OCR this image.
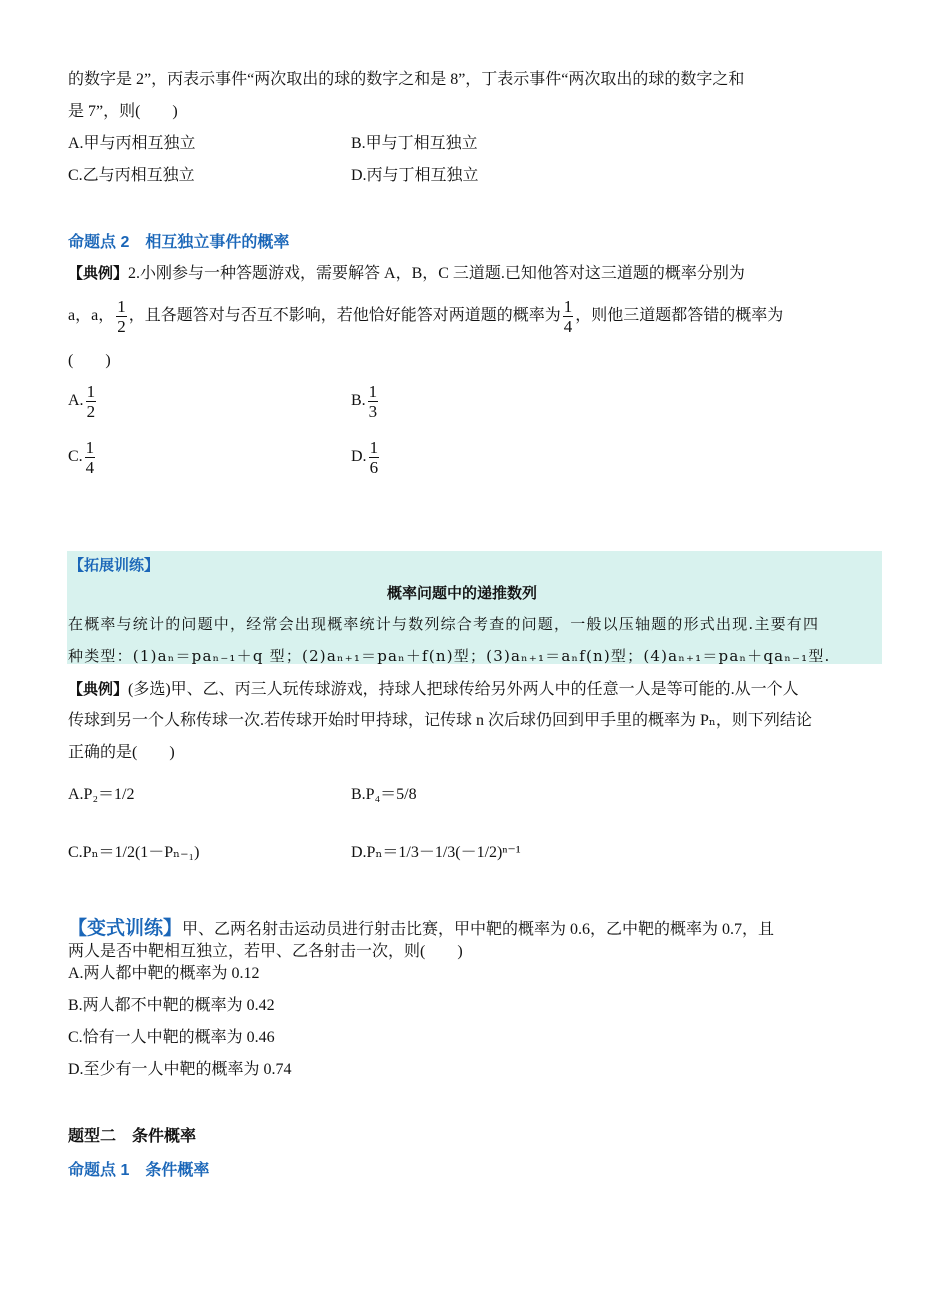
的数字是 2”，丙表示事件“两次取出的球的数字之和是 8”，丁表示事件“两次取出的球的数字之和
是 7”，则(　　)
A.甲与丙相互独立	B.甲与丁相互独立
C.乙与丙相互独立	D.丙与丁相互独立
命题点 2　相互独立事件的概率
【典例】2.小刚参与一种答题游戏，需要解答 A，B，C 三道题.已知他答对这三道题的概率分别为
a，a， $\frac{1}{2}$ ，且各题答对与否互不影响，若他恰好能答对两道题的概率为 $\frac{1}{4}$ ，则他三道题都答错的概率为
(　　)
A. $\frac{1}{2}$	B. $\frac{1}{3}$
C. $\frac{1}{4}$	D. $\frac{1}{6}$
【拓展训练】
概率问题中的递推数列
在概率与统计的问题中，经常会出现概率统计与数列综合考查的问题，一般以压轴题的形式出现.主要有四
种类型：(1)aₙ＝paₙ₋₁＋q 型；(2)aₙ₊₁＝paₙ＋f(n)型；(3)aₙ₊₁＝aₙf(n)型；(4)aₙ₊₁＝paₙ＋qaₙ₋₁型.
【典例】(多选)甲、乙、丙三人玩传球游戏，持球人把球传给另外两人中的任意一人是等可能的.从一个人
传球到另一个人称传球一次.若传球开始时甲持球，记传球 n 次后球仍回到甲手里的概率为 Pₙ，则下列结论
正确的是(　　)
A.P₂＝1/2	B.P₄＝5/8
C.Pₙ＝1/2(1－Pₙ₋₁)	D.Pₙ＝1/3－1/3(－1/2)ⁿ⁻¹
【变式训练】甲、乙两名射击运动员进行射击比赛，甲中靶的概率为 0.6，乙中靶的概率为 0.7，且
两人是否中靶相互独立，若甲、乙各射击一次，则(　　)
A.两人都中靶的概率为 0.12
B.两人都不中靶的概率为 0.42
C.恰有一人中靶的概率为 0.46
D.至少有一人中靶的概率为 0.74
题型二　条件概率
命题点 1　条件概率
